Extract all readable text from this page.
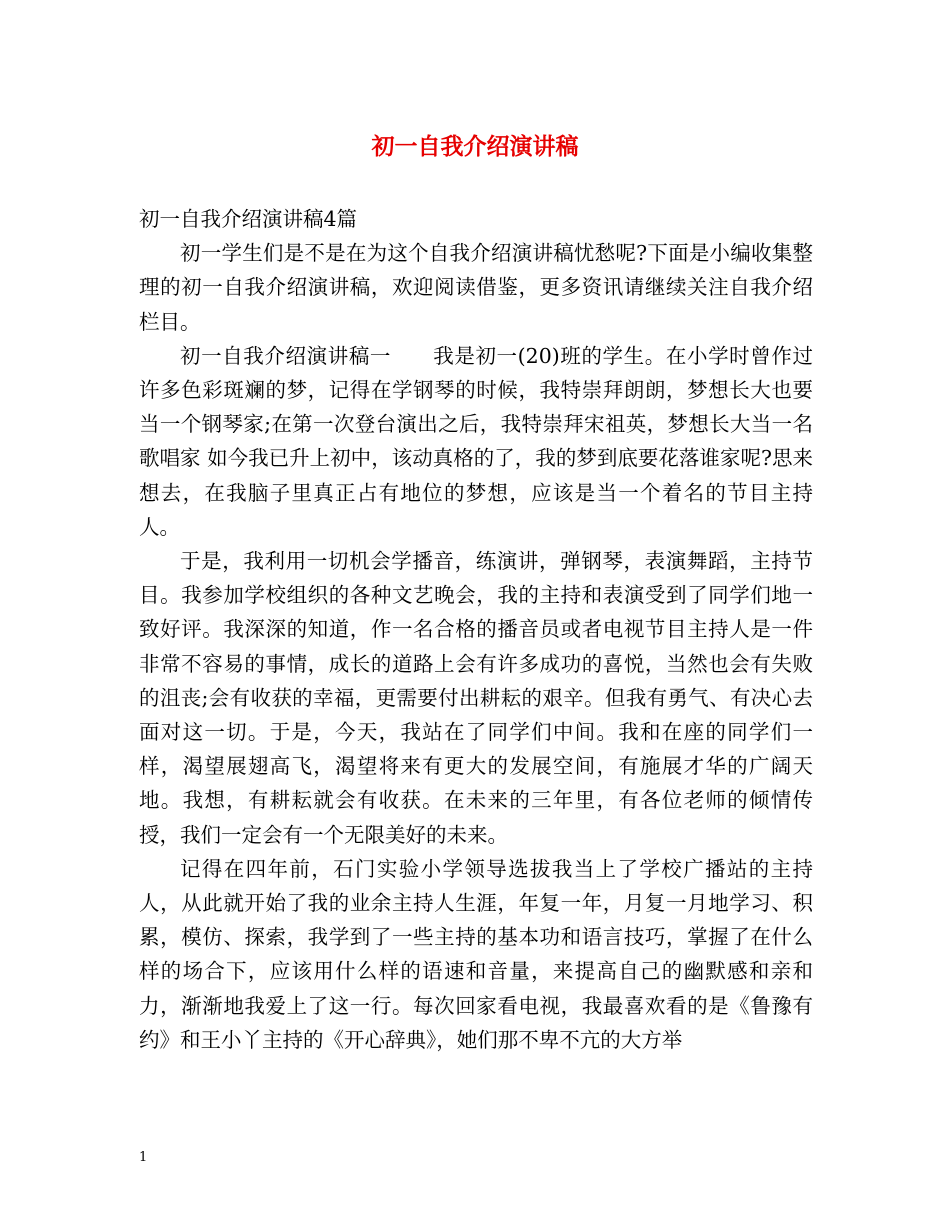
初一自我介绍演讲稿

初一自我介绍演讲稿4篇

初一学生们是不是在为这个自我介绍演讲稿忧愁呢?下面是小编收集整理的初一自我介绍演讲稿，欢迎阅读借鉴，更多资讯请继续关注自我介绍栏目。

初一自我介绍演讲稿一　　我是初一(20)班的学生。在小学时曾作过许多色彩斑斓的梦，记得在学钢琴的时候，我特崇拜朗朗，梦想长大也要当一个钢琴家;在第一次登台演出之后，我特崇拜宋祖英，梦想长大当一名歌唱家 如今我已升上初中，该动真格的了，我的梦到底要花落谁家呢?思来想去，在我脑子里真正占有地位的梦想，应该是当一个着名的节目主持人。

于是，我利用一切机会学播音，练演讲，弹钢琴，表演舞蹈，主持节目。我参加学校组织的各种文艺晚会，我的主持和表演受到了同学们地一致好评。我深深的知道，作一名合格的播音员或者电视节目主持人是一件非常不容易的事情，成长的道路上会有许多成功的喜悦，当然也会有失败的沮丧;会有收获的幸福，更需要付出耕耘的艰辛。但我有勇气、有决心去面对这一切。于是，今天，我站在了同学们中间。我和在座的同学们一样，渴望展翅高飞，渴望将来有更大的发展空间，有施展才华的广阔天地。我想，有耕耘就会有收获。在未来的三年里，有各位老师的倾情传授，我们一定会有一个无限美好的未来。

记得在四年前，石门实验小学领导选拔我当上了学校广播站的主持人，从此就开始了我的业余主持人生涯，年复一年，月复一月地学习、积累，模仿、探索，我学到了一些主持的基本功和语言技巧，掌握了在什么样的场合下，应该用什么样的语速和音量，来提高自己的幽默感和亲和力，渐渐地我爱上了这一行。每次回家看电视，我最喜欢看的是《鲁豫有约》和王小丫主持的《开心辞典》，她们那不卑不亢的大方举

1
